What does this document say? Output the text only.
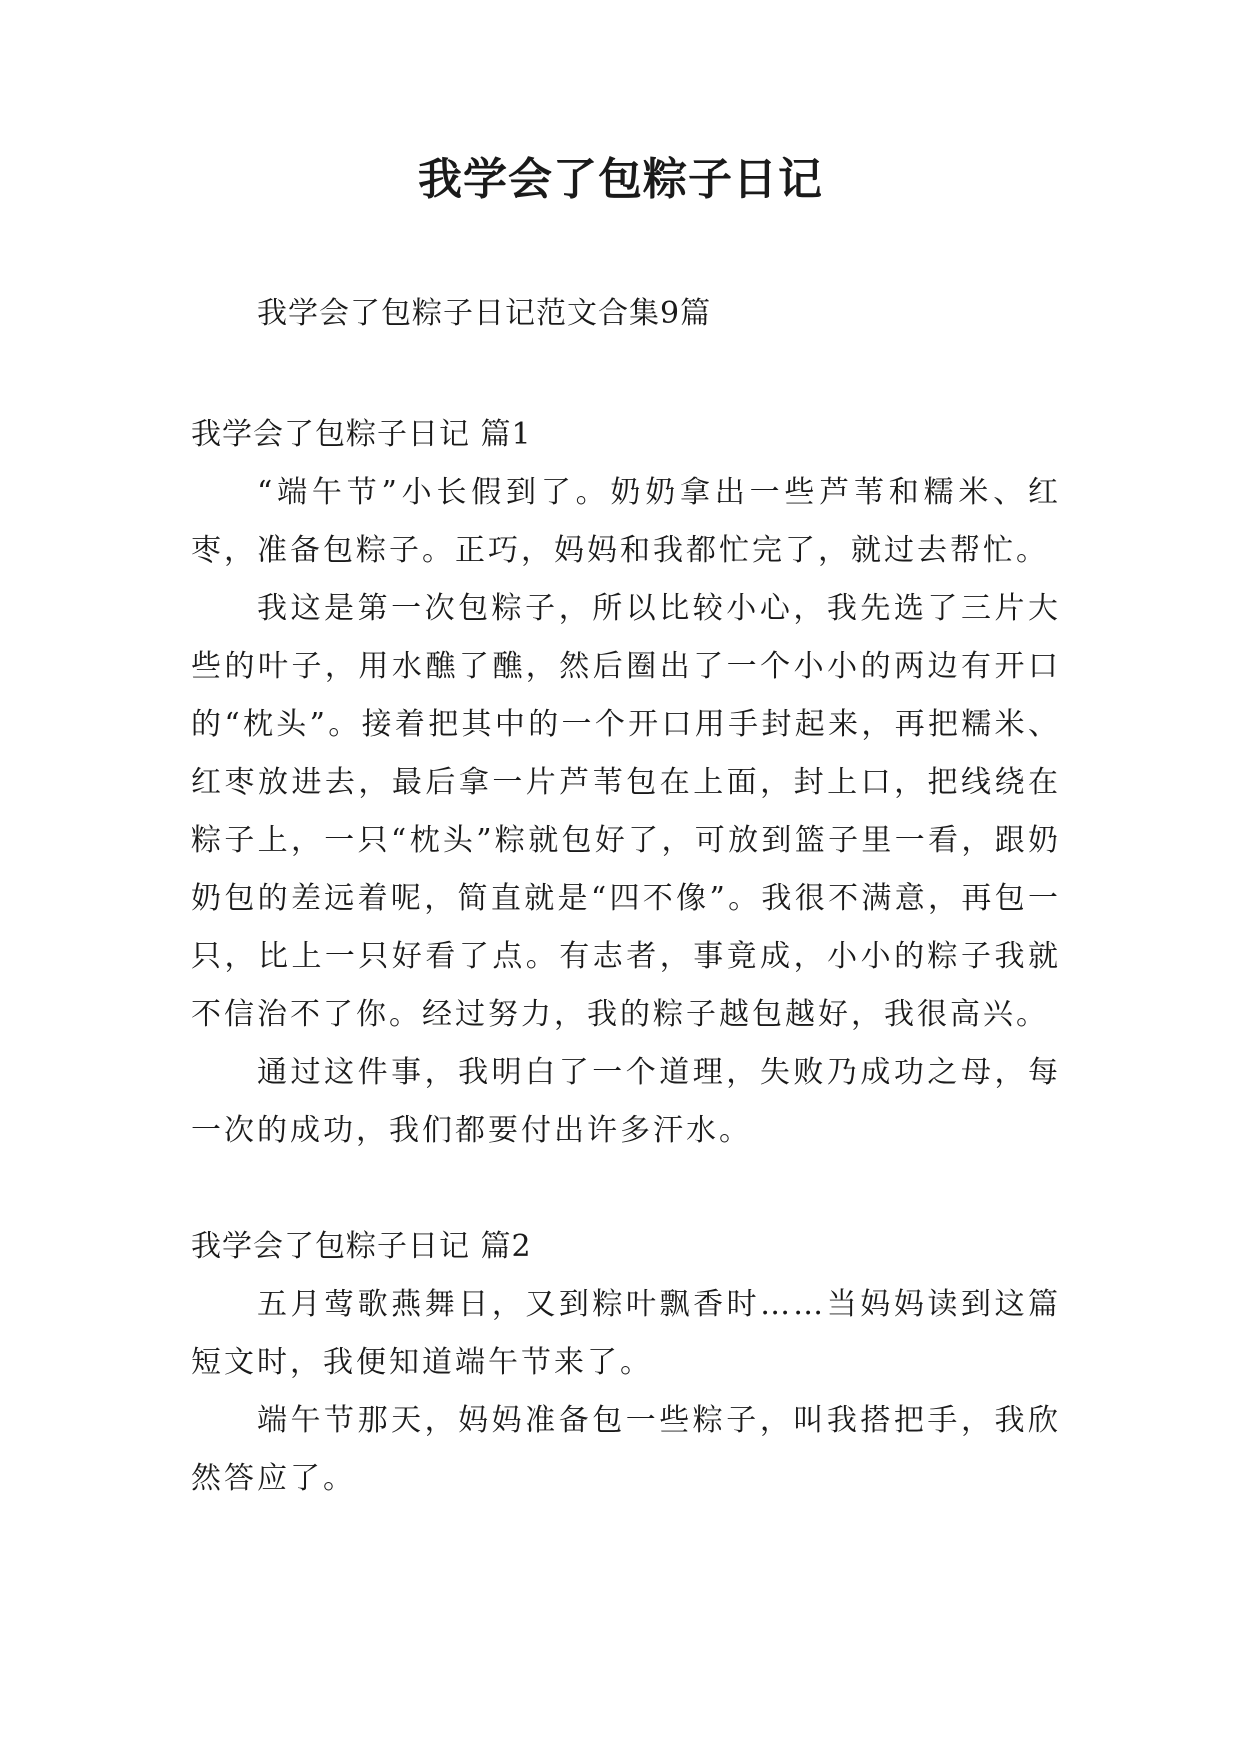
我学会了包粽子日记

我学会了包粽子日记范文合集9篇

我学会了包粽子日记 篇1

“端午节”小长假到了。奶奶拿出一些芦苇和糯米、红枣，准备包粽子。正巧，妈妈和我都忙完了，就过去帮忙。

我这是第一次包粽子，所以比较小心，我先选了三片大些的叶子，用水醮了醮，然后圈出了一个小小的两边有开口的“枕头”。接着把其中的一个开口用手封起来，再把糯米、红枣放进去，最后拿一片芦苇包在上面，封上口，把线绕在粽子上，一只“枕头”粽就包好了，可放到篮子里一看，跟奶奶包的差远着呢，简直就是“四不像”。我很不满意，再包一只，比上一只好看了点。有志者，事竟成，小小的粽子我就不信治不了你。经过努力，我的粽子越包越好，我很高兴。

通过这件事，我明白了一个道理，失败乃成功之母，每一次的成功，我们都要付出许多汗水。

我学会了包粽子日记 篇2

五月莺歌燕舞日，又到粽叶飘香时……当妈妈读到这篇短文时，我便知道端午节来了。

端午节那天，妈妈准备包一些粽子，叫我搭把手，我欣然答应了。
